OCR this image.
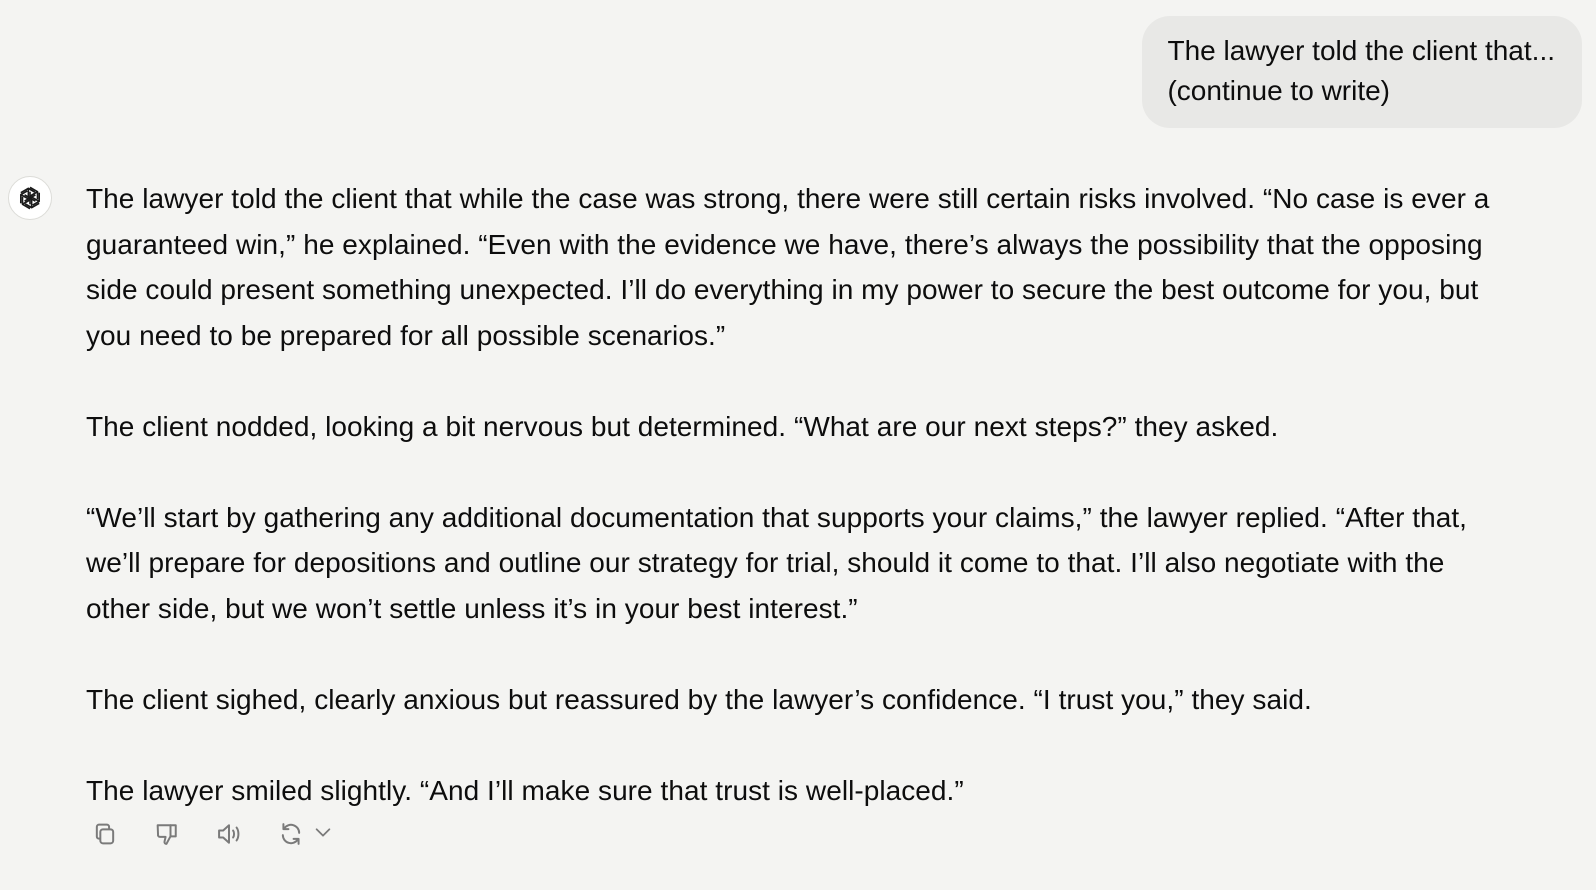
The lawyer told the client that...
(continue to write)

The lawyer told the client that while the case was strong, there were still certain risks involved. “No case is ever a guaranteed win,” he explained. “Even with the evidence we have, there’s always the possibility that the opposing side could present something unexpected. I’ll do everything in my power to secure the best outcome for you, but you need to be prepared for all possible scenarios.”

The client nodded, looking a bit nervous but determined. “What are our next steps?” they asked.

“We’ll start by gathering any additional documentation that supports your claims,” the lawyer replied. “After that, we’ll prepare for depositions and outline our strategy for trial, should it come to that. I’ll also negotiate with the other side, but we won’t settle unless it’s in your best interest.”

The client sighed, clearly anxious but reassured by the lawyer’s confidence. “I trust you,” they said.

The lawyer smiled slightly. “And I’ll make sure that trust is well-placed.”
